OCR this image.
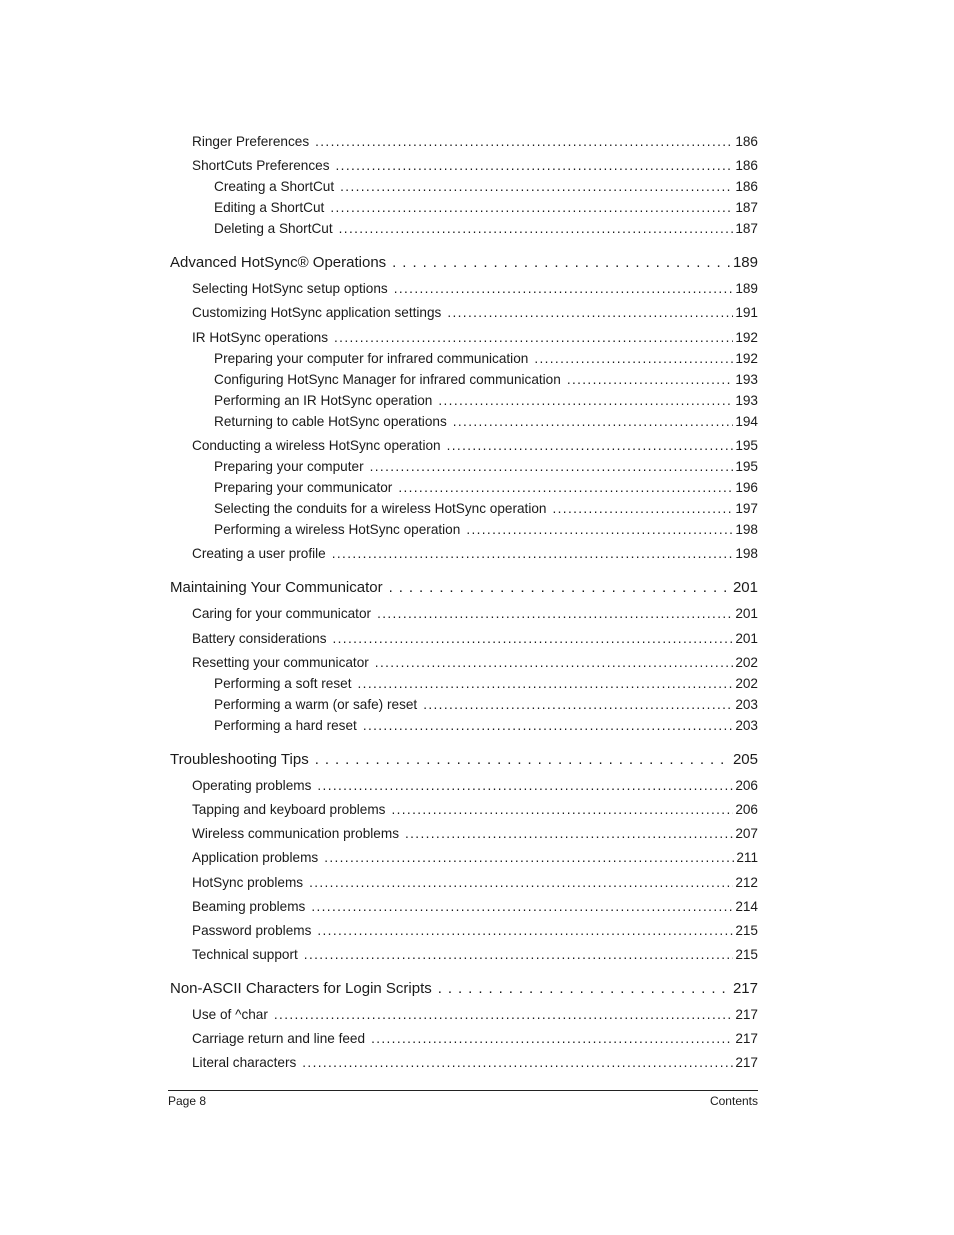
Ringer Preferences . . .	186
ShortCuts Preferences . . .	186
Creating a ShortCut . . .	186
Editing a ShortCut . . .	187
Deleting a ShortCut . . .	187
Advanced HotSync® Operations . . .	189
Selecting HotSync setup options . . .	189
Customizing HotSync application settings . . .	191
IR HotSync operations . . .	192
Preparing your computer for infrared communication . . .	192
Configuring HotSync Manager for infrared communication . . .	193
Performing an IR HotSync operation . . .	193
Returning to cable HotSync operations . . .	194
Conducting a wireless HotSync operation . . .	195
Preparing your computer . . .	195
Preparing your communicator . . .	196
Selecting the conduits for a wireless HotSync operation . . .	197
Performing a wireless HotSync operation . . .	198
Creating a user profile . . .	198
Maintaining Your Communicator . . .	201
Caring for your communicator . . .	201
Battery considerations . . .	201
Resetting your communicator . . .	202
Performing a soft reset . . .	202
Performing a warm (or safe) reset . . .	203
Performing a hard reset . . .	203
Troubleshooting Tips . . .	205
Operating problems . . .	206
Tapping and keyboard problems . . .	206
Wireless communication problems . . .	207
Application problems . . .	211
HotSync problems . . .	212
Beaming problems . . .	214
Password problems . . .	215
Technical support . . .	215
Non-ASCII Characters for Login Scripts . . .	217
Use of ^char . . .	217
Carriage return and line feed . . .	217
Literal characters . . .	217
Page 8	Contents
